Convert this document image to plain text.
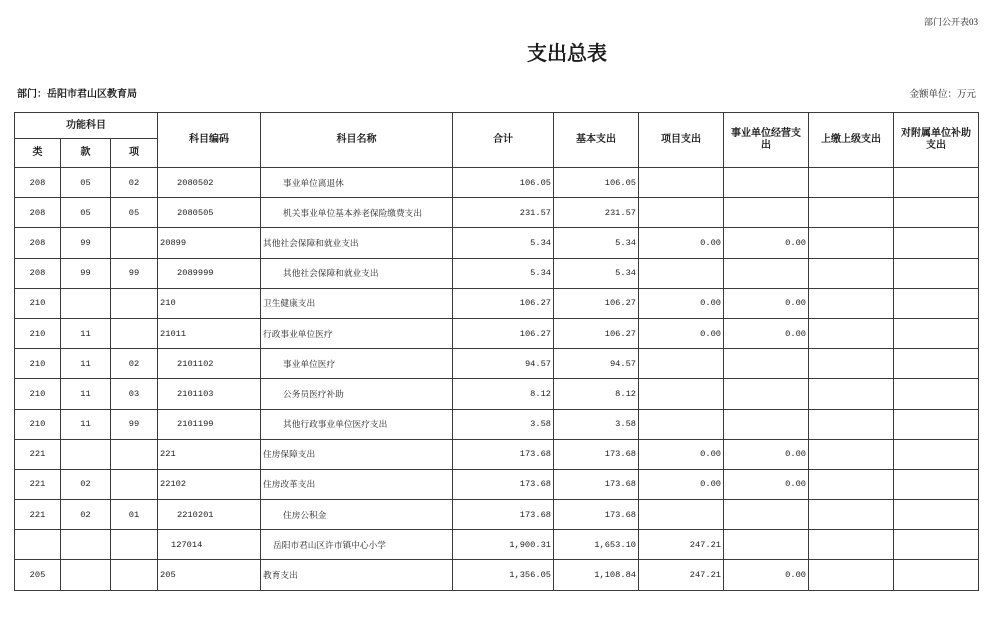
部门公开表03
支出总表
部门：岳阳市君山区教育局	金额单位：万元
功能科目			科目编码	科目名称	合计	基本支出	项目支出	事业单位经营支出	上缴上级支出	对附属单位补助支出
类	款	项								
208	05	02	2080502	事业单位离退休	106.05	106.05				
208	05	05	2080505	机关事业单位基本养老保险缴费支出	231.57	231.57				
208	99		20899	其他社会保障和就业支出	5.34	5.34	0.00	0.00		
208	99	99	2089999	其他社会保障和就业支出	5.34	5.34				
210			210	卫生健康支出	106.27	106.27	0.00	0.00		
210	11		21011	行政事业单位医疗	106.27	106.27	0.00	0.00		
210	11	02	2101102	事业单位医疗	94.57	94.57				
210	11	03	2101103	公务员医疗补助	8.12	8.12				
210	11	99	2101199	其他行政事业单位医疗支出	3.58	3.58				
221			221	住房保障支出	173.68	173.68	0.00	0.00		
221	02		22102	住房改革支出	173.68	173.68	0.00	0.00		
221	02	01	2210201	住房公积金	173.68	173.68				
			127014	岳阳市君山区许市镇中心小学	1,900.31	1,653.10	247.21			
205			205	教育支出	1,356.05	1,108.84	247.21	0.00		
